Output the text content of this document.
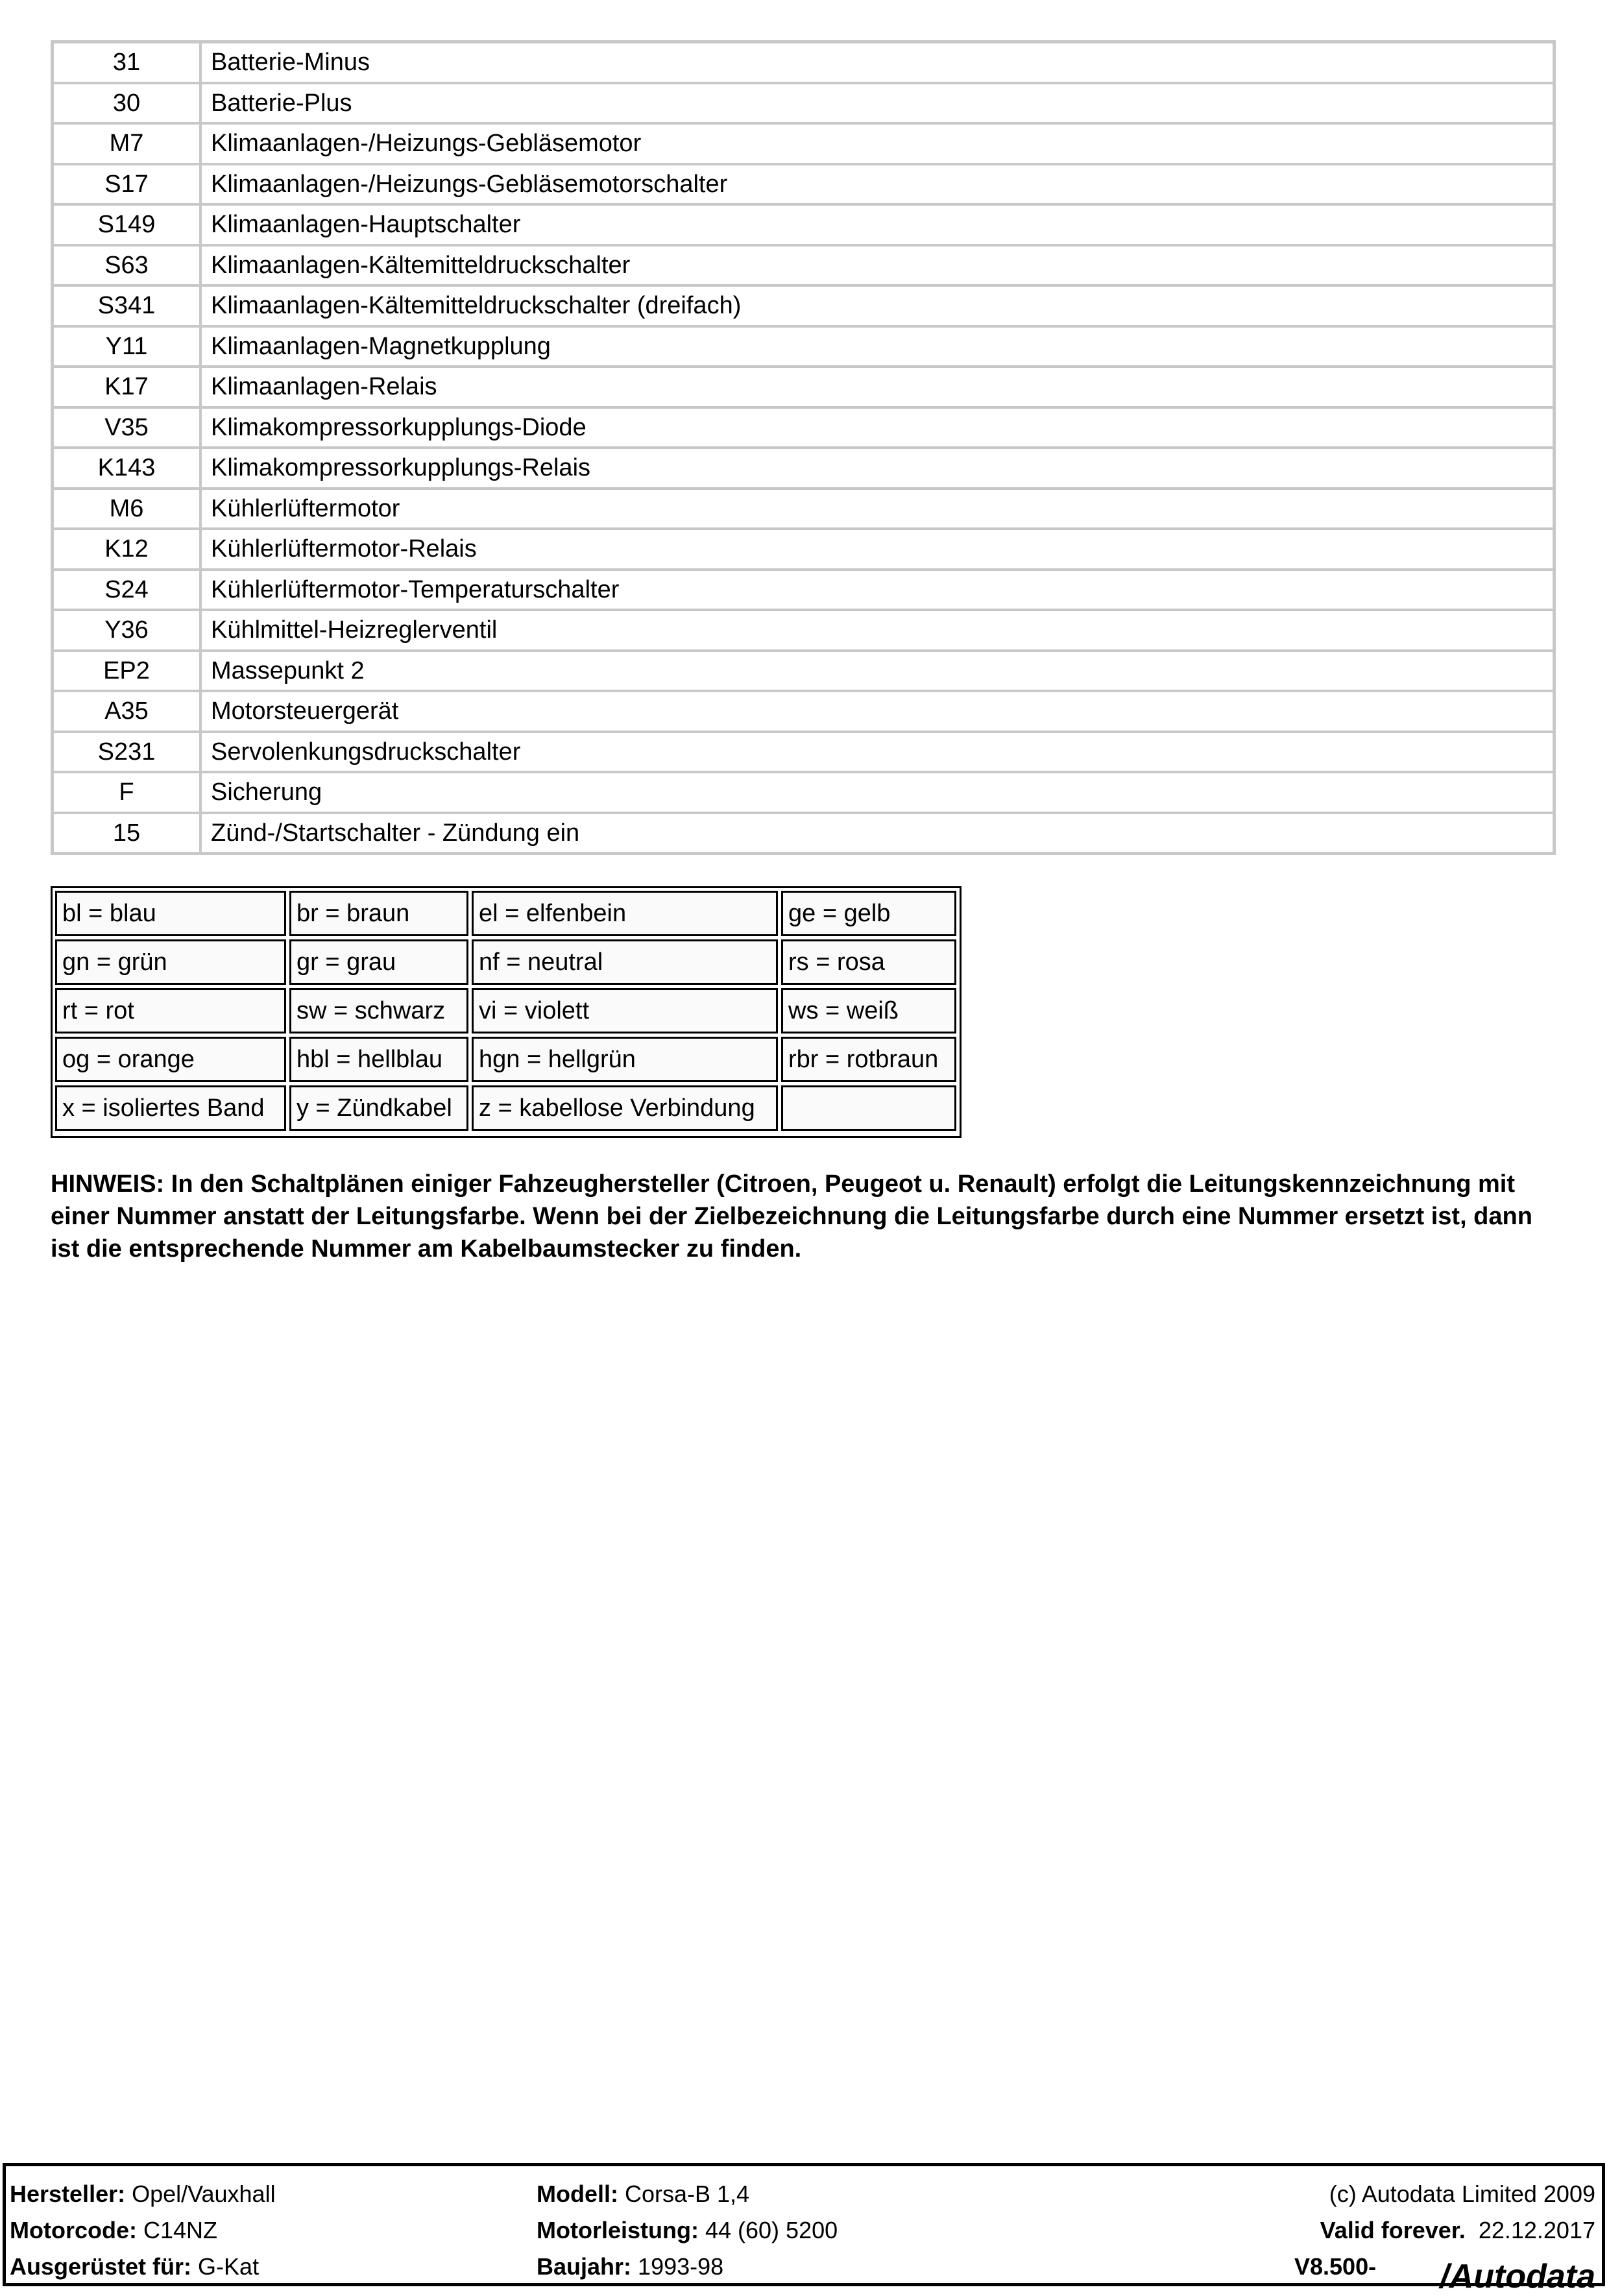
31	Batterie-Minus
30	Batterie-Plus
M7	Klimaanlagen-/Heizungs-Gebläsemotor
S17	Klimaanlagen-/Heizungs-Gebläsemotorschalter
S149	Klimaanlagen-Hauptschalter
S63	Klimaanlagen-Kältemitteldruckschalter
S341	Klimaanlagen-Kältemitteldruckschalter (dreifach)
Y11	Klimaanlagen-Magnetkupplung
K17	Klimaanlagen-Relais
V35	Klimakompressorkupplungs-Diode
K143	Klimakompressorkupplungs-Relais
M6	Kühlerlüftermotor
K12	Kühlerlüftermotor-Relais
S24	Kühlerlüftermotor-Temperaturschalter
Y36	Kühlmittel-Heizreglerventil
EP2	Massepunkt 2
A35	Motorsteuergerät
S231	Servolenkungsdruckschalter
F	Sicherung
15	Zünd-/Startschalter - Zündung ein
bl = blau	br = braun	el = elfenbein	ge = gelb
gn = grün	gr = grau	nf = neutral	rs = rosa
rt = rot	sw = schwarz	vi = violett	ws = weiß
og = orange	hbl = hellblau	hgn = hellgrün	rbr = rotbraun
x = isoliertes Band	y = Zündkabel	z = kabellose Verbindung
HINWEIS: In den Schaltplänen einiger Fahzeughersteller (Citroen, Peugeot u. Renault) erfolgt die Leitungskennzeichnung mit einer Nummer anstatt der Leitungsfarbe. Wenn bei der Zielbezeichnung die Leitungsfarbe durch eine Nummer ersetzt ist, dann ist die entsprechende Nummer am Kabelbaumstecker zu finden.
Hersteller: Opel/Vauxhall
Motorcode: C14NZ
Ausgerüstet für: G-Kat
Modell: Corsa-B 1,4
Motorleistung: 44 (60) 5200
Baujahr: 1993-98
(c) Autodata Limited 2009
Valid forever. 22.12.2017
V8.500- /Autodata
